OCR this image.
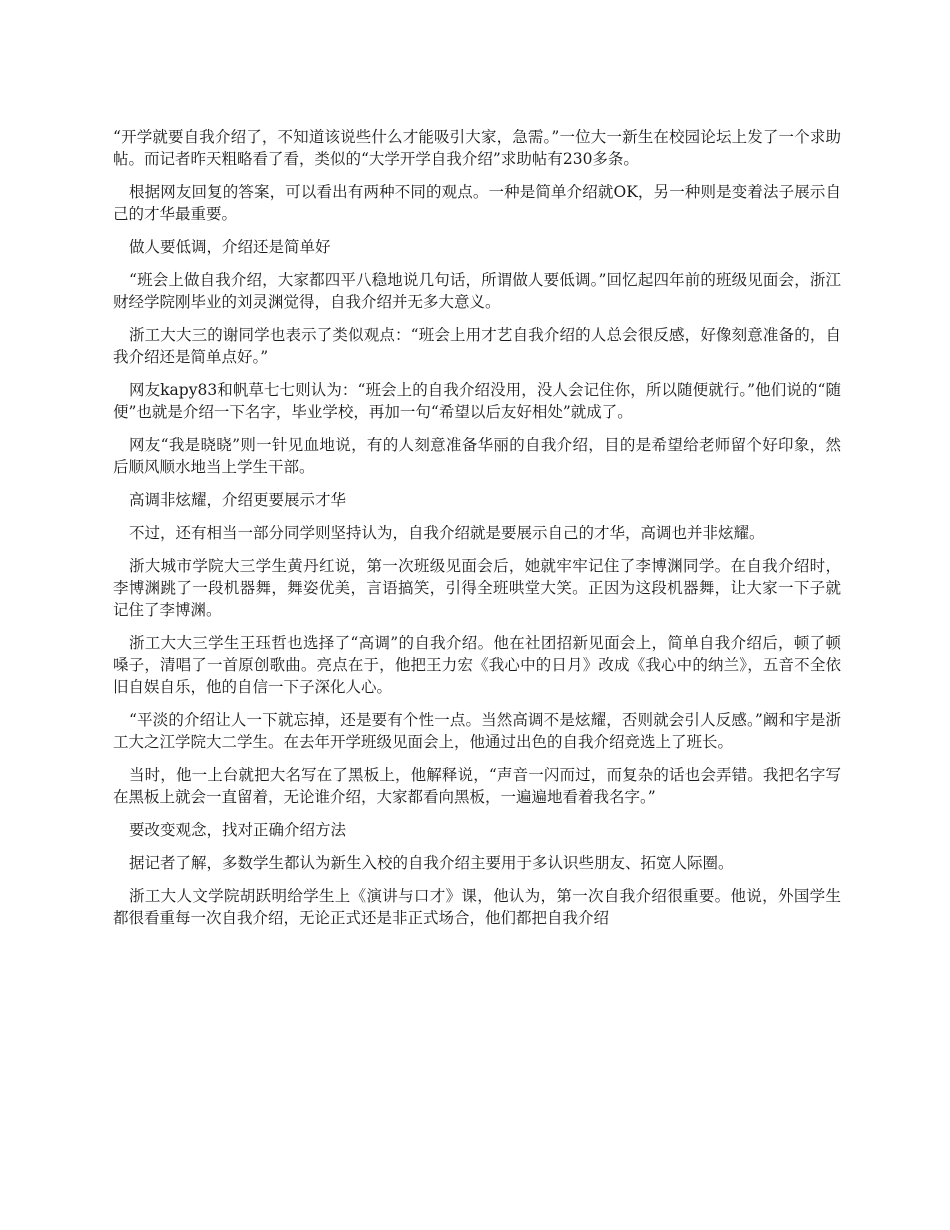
“开学就要自我介绍了，不知道该说些什么才能吸引大家，急需。”一位大一新生在校园论坛上发了一个求助帖。而记者昨天粗略看了看，类似的“大学开学自我介绍”求助帖有230多条。

根据网友回复的答案，可以看出有两种不同的观点。一种是简单介绍就OK，另一种则是变着法子展示自己的才华最重要。

做人要低调，介绍还是简单好

“班会上做自我介绍，大家都四平八稳地说几句话，所谓做人要低调。”回忆起四年前的班级见面会，浙江财经学院刚毕业的刘灵渊觉得，自我介绍并无多大意义。

浙工大大三的谢同学也表示了类似观点：“班会上用才艺自我介绍的人总会很反感，好像刻意准备的，自我介绍还是简单点好。”

网友kapy83和帆草七七则认为：“班会上的自我介绍没用，没人会记住你，所以随便就行。”他们说的“随便”也就是介绍一下名字，毕业学校，再加一句“希望以后友好相处”就成了。

网友“我是晓晓”则一针见血地说，有的人刻意准备华丽的自我介绍，目的是希望给老师留个好印象，然后顺风顺水地当上学生干部。

高调非炫耀，介绍更要展示才华

不过，还有相当一部分同学则坚持认为，自我介绍就是要展示自己的才华，高调也并非炫耀。

浙大城市学院大三学生黄丹红说，第一次班级见面会后，她就牢牢记住了李博渊同学。在自我介绍时，李博渊跳了一段机器舞，舞姿优美，言语搞笑，引得全班哄堂大笑。正因为这段机器舞，让大家一下子就记住了李博渊。

浙工大大三学生王珏哲也选择了“高调”的自我介绍。他在社团招新见面会上，简单自我介绍后，顿了顿嗓子，清唱了一首原创歌曲。亮点在于，他把王力宏《我心中的日月》改成《我心中的纳兰》，五音不全依旧自娱自乐，他的自信一下子深化人心。

“平淡的介绍让人一下就忘掉，还是要有个性一点。当然高调不是炫耀，否则就会引人反感。”阚和宇是浙工大之江学院大二学生。在去年开学班级见面会上，他通过出色的自我介绍竞选上了班长。

当时，他一上台就把大名写在了黑板上，他解释说，“声音一闪而过，而复杂的话也会弄错。我把名字写在黑板上就会一直留着，无论谁介绍，大家都看向黑板，一遍遍地看着我名字。”

要改变观念，找对正确介绍方法

据记者了解，多数学生都认为新生入校的自我介绍主要用于多认识些朋友、拓宽人际圈。

浙工大人文学院胡跃明给学生上《演讲与口才》课，他认为，第一次自我介绍很重要。他说，外国学生都很看重每一次自我介绍，无论正式还是非正式场合，他们都把自我介绍
